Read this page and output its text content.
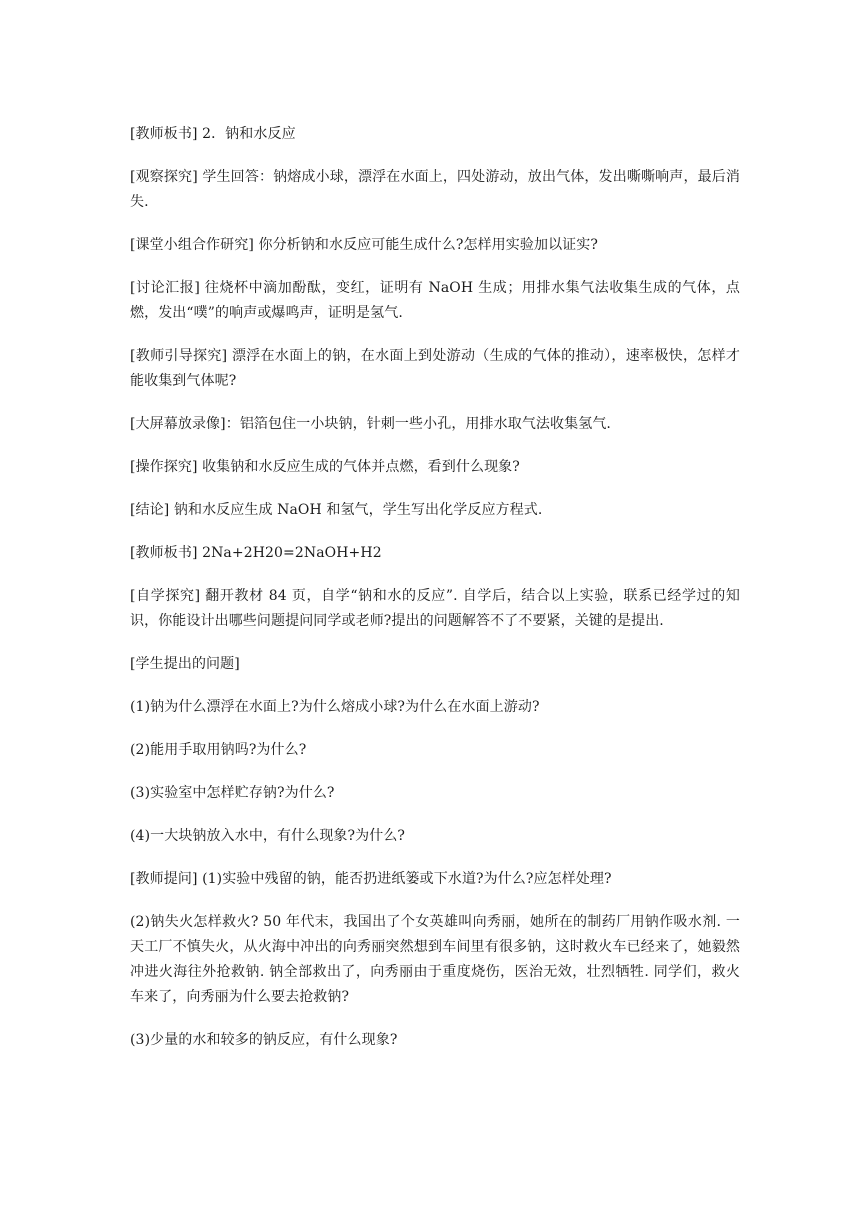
[教师板书] 2．钠和水反应

[观察探究] 学生回答：钠熔成小球，漂浮在水面上，四处游动，放出气体，发出嘶嘶响声，最后消失.

[课堂小组合作研究] 你分析钠和水反应可能生成什么?怎样用实验加以证实?

[讨论汇报] 往烧杯中滴加酚酞，变红，证明有 NaOH 生成；用排水集气法收集生成的气体，点燃，发出“噗”的响声或爆鸣声，证明是氢气.

[教师引导探究] 漂浮在水面上的钠，在水面上到处游动（生成的气体的推动），速率极快，怎样才能收集到气体呢?

[大屏幕放录像]：铝箔包住一小块钠，针刺一些小孔，用排水取气法收集氢气.

[操作探究] 收集钠和水反应生成的气体并点燃，看到什么现象?

[结论] 钠和水反应生成 NaOH 和氢气，学生写出化学反应方程式.

[教师板书] 2Na+2H20=2NaOH+H2

[自学探究] 翻开教材 84 页，自学“钠和水的反应”. 自学后，结合以上实验，联系已经学过的知识，你能设计出哪些问题提问同学或老师?提出的问题解答不了不要紧，关键的是提出.

[学生提出的问题]

(1)钠为什么漂浮在水面上?为什么熔成小球?为什么在水面上游动?

(2)能用手取用钠吗?为什么?

(3)实验室中怎样贮存钠?为什么?

(4)一大块钠放入水中，有什么现象?为什么?

[教师提问] (1)实验中残留的钠，能否扔进纸篓或下水道?为什么?应怎样处理?

(2)钠失火怎样救火? 50 年代末，我国出了个女英雄叫向秀丽，她所在的制药厂用钠作吸水剂. 一天工厂不慎失火，从火海中冲出的向秀丽突然想到车间里有很多钠，这时救火车已经来了，她毅然冲进火海往外抢救钠. 钠全部救出了，向秀丽由于重度烧伤，医治无效，壮烈牺牲. 同学们，救火车来了，向秀丽为什么要去抢救钠?

(3)少量的水和较多的钠反应，有什么现象?
